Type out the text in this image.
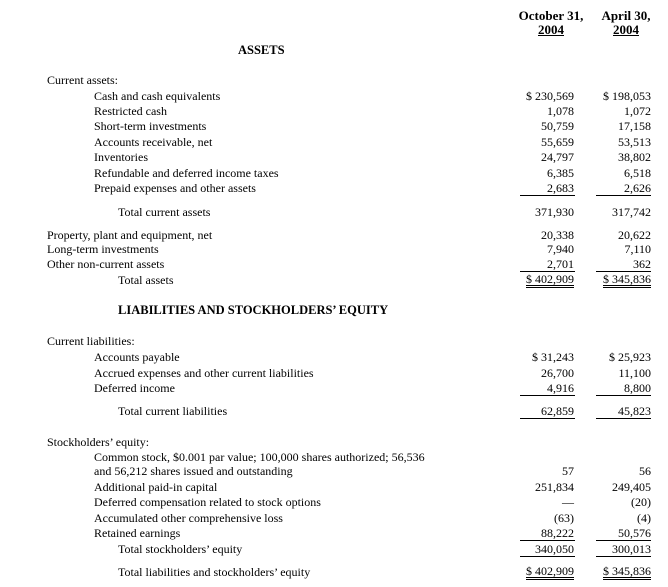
October 31,
2004
April 30,
2004
ASSETS
Current assets:
Cash and cash equivalents	$ 230,569 $ 198,053
Restricted cash	1,078	1,072
Short-term investments	50,759	17,158
Accounts receivable, net	55,659	53,513
Inventories	24,797	38,802
Refundable and deferred income taxes	6,385	6,518
Prepaid expenses and other assets	2,683	2,626
Total current assets	371,930	317,742
Property, plant and equipment, net	20,338	20,622
Long-term investments	7,940	7,110
Other non-current assets	2,701	362
Total assets	$ 402,909 $ 345,836
LIABILITIES AND STOCKHOLDERS’ EQUITY
Current liabilities:
Accounts payable	$ 31,243	$ 25,923
Accrued expenses and other current liabilities	26,700	11,100
Deferred income	4,916	8,800
Total current liabilities	62,859	45,823
Stockholders’ equity:
Common stock, $0.001 par value; 100,000 shares authorized; 56,536
and 56,212 shares issued and outstanding	57	56
Additional paid-in capital	251,834	249,405
Deferred compensation related to stock options	—	(20)
Accumulated other comprehensive loss	(63)	(4)
Retained earnings	88,222	50,576
Total stockholders’ equity	340,050	300,013
Total liabilities and stockholders’ equity	$ 402,909 $ 345,836
